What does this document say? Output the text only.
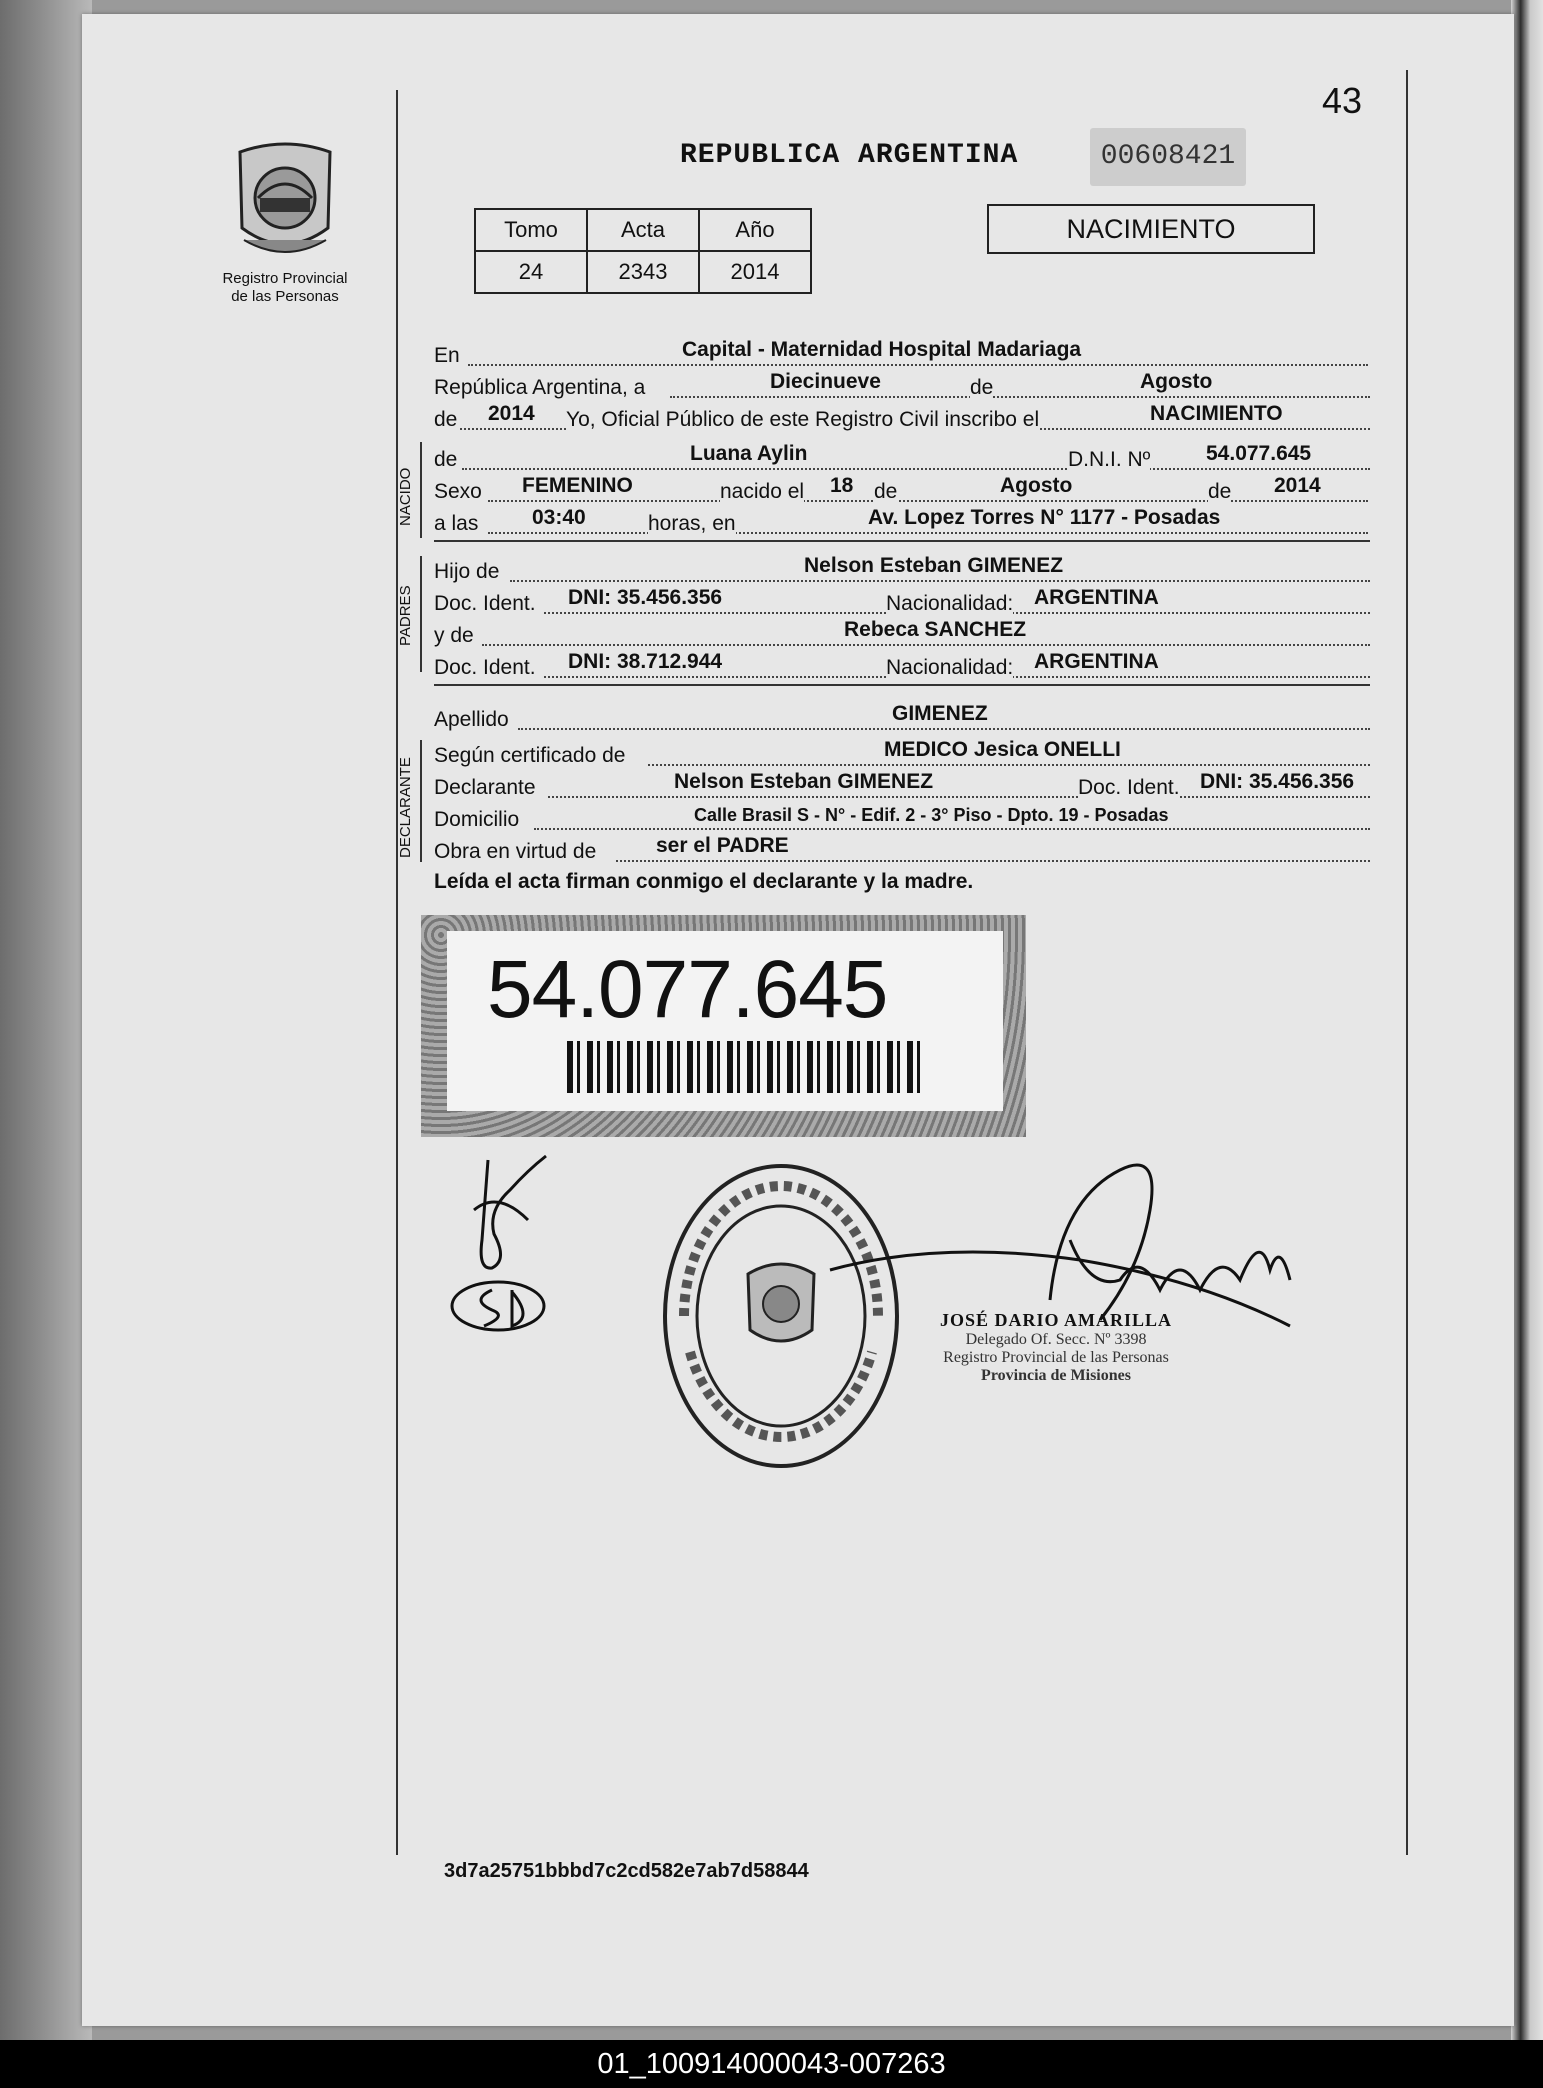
43
Registro Provincial
de las Personas
REPUBLICA ARGENTINA	00608421
Tomo	Acta	Año
24	2343	2014
NACIMIENTO
En	Capital - Maternidad Hospital Madariaga
República Argentina, a	Diecinueve	de	Agosto
de 2014 Yo, Oficial Público de este Registro Civil inscribo el	NACIMIENTO
NACIDO
de	Luana Aylin	D.N.I. Nº	54.077.645
Sexo FEMENINO	nacido el 18 de	Agosto	de 2014
a las	03:40	horas, en	Av. Lopez Torres N° 1177 - Posadas
PADRES
Hijo de	Nelson Esteban GIMENEZ
Doc. Ident. DNI: 35.456.356	Nacionalidad: ARGENTINA
y de	Rebeca SANCHEZ
Doc. Ident. DNI: 38.712.944	Nacionalidad: ARGENTINA
Apellido	GIMENEZ
DECLARANTE
Según certificado de	MEDICO Jesica ONELLI
Declarante	Nelson Esteban GIMENEZ	Doc. Ident. DNI: 35.456.356
Domicilio	Calle Brasil S - N° - Edif. 2 - 3° Piso - Dpto. 19 - Posadas
Obra en virtud de	ser el PADRE
Leída el acta firman conmigo el declarante y la madre.
54.077.645
JOSÉ DARIO AMARILLA
Delegado Of. Secc. Nº 3398
Registro Provincial de las Personas
Provincia de Misiones
3d7a25751bbbd7c2cd582e7ab7d58844
01_100914000043-007263
